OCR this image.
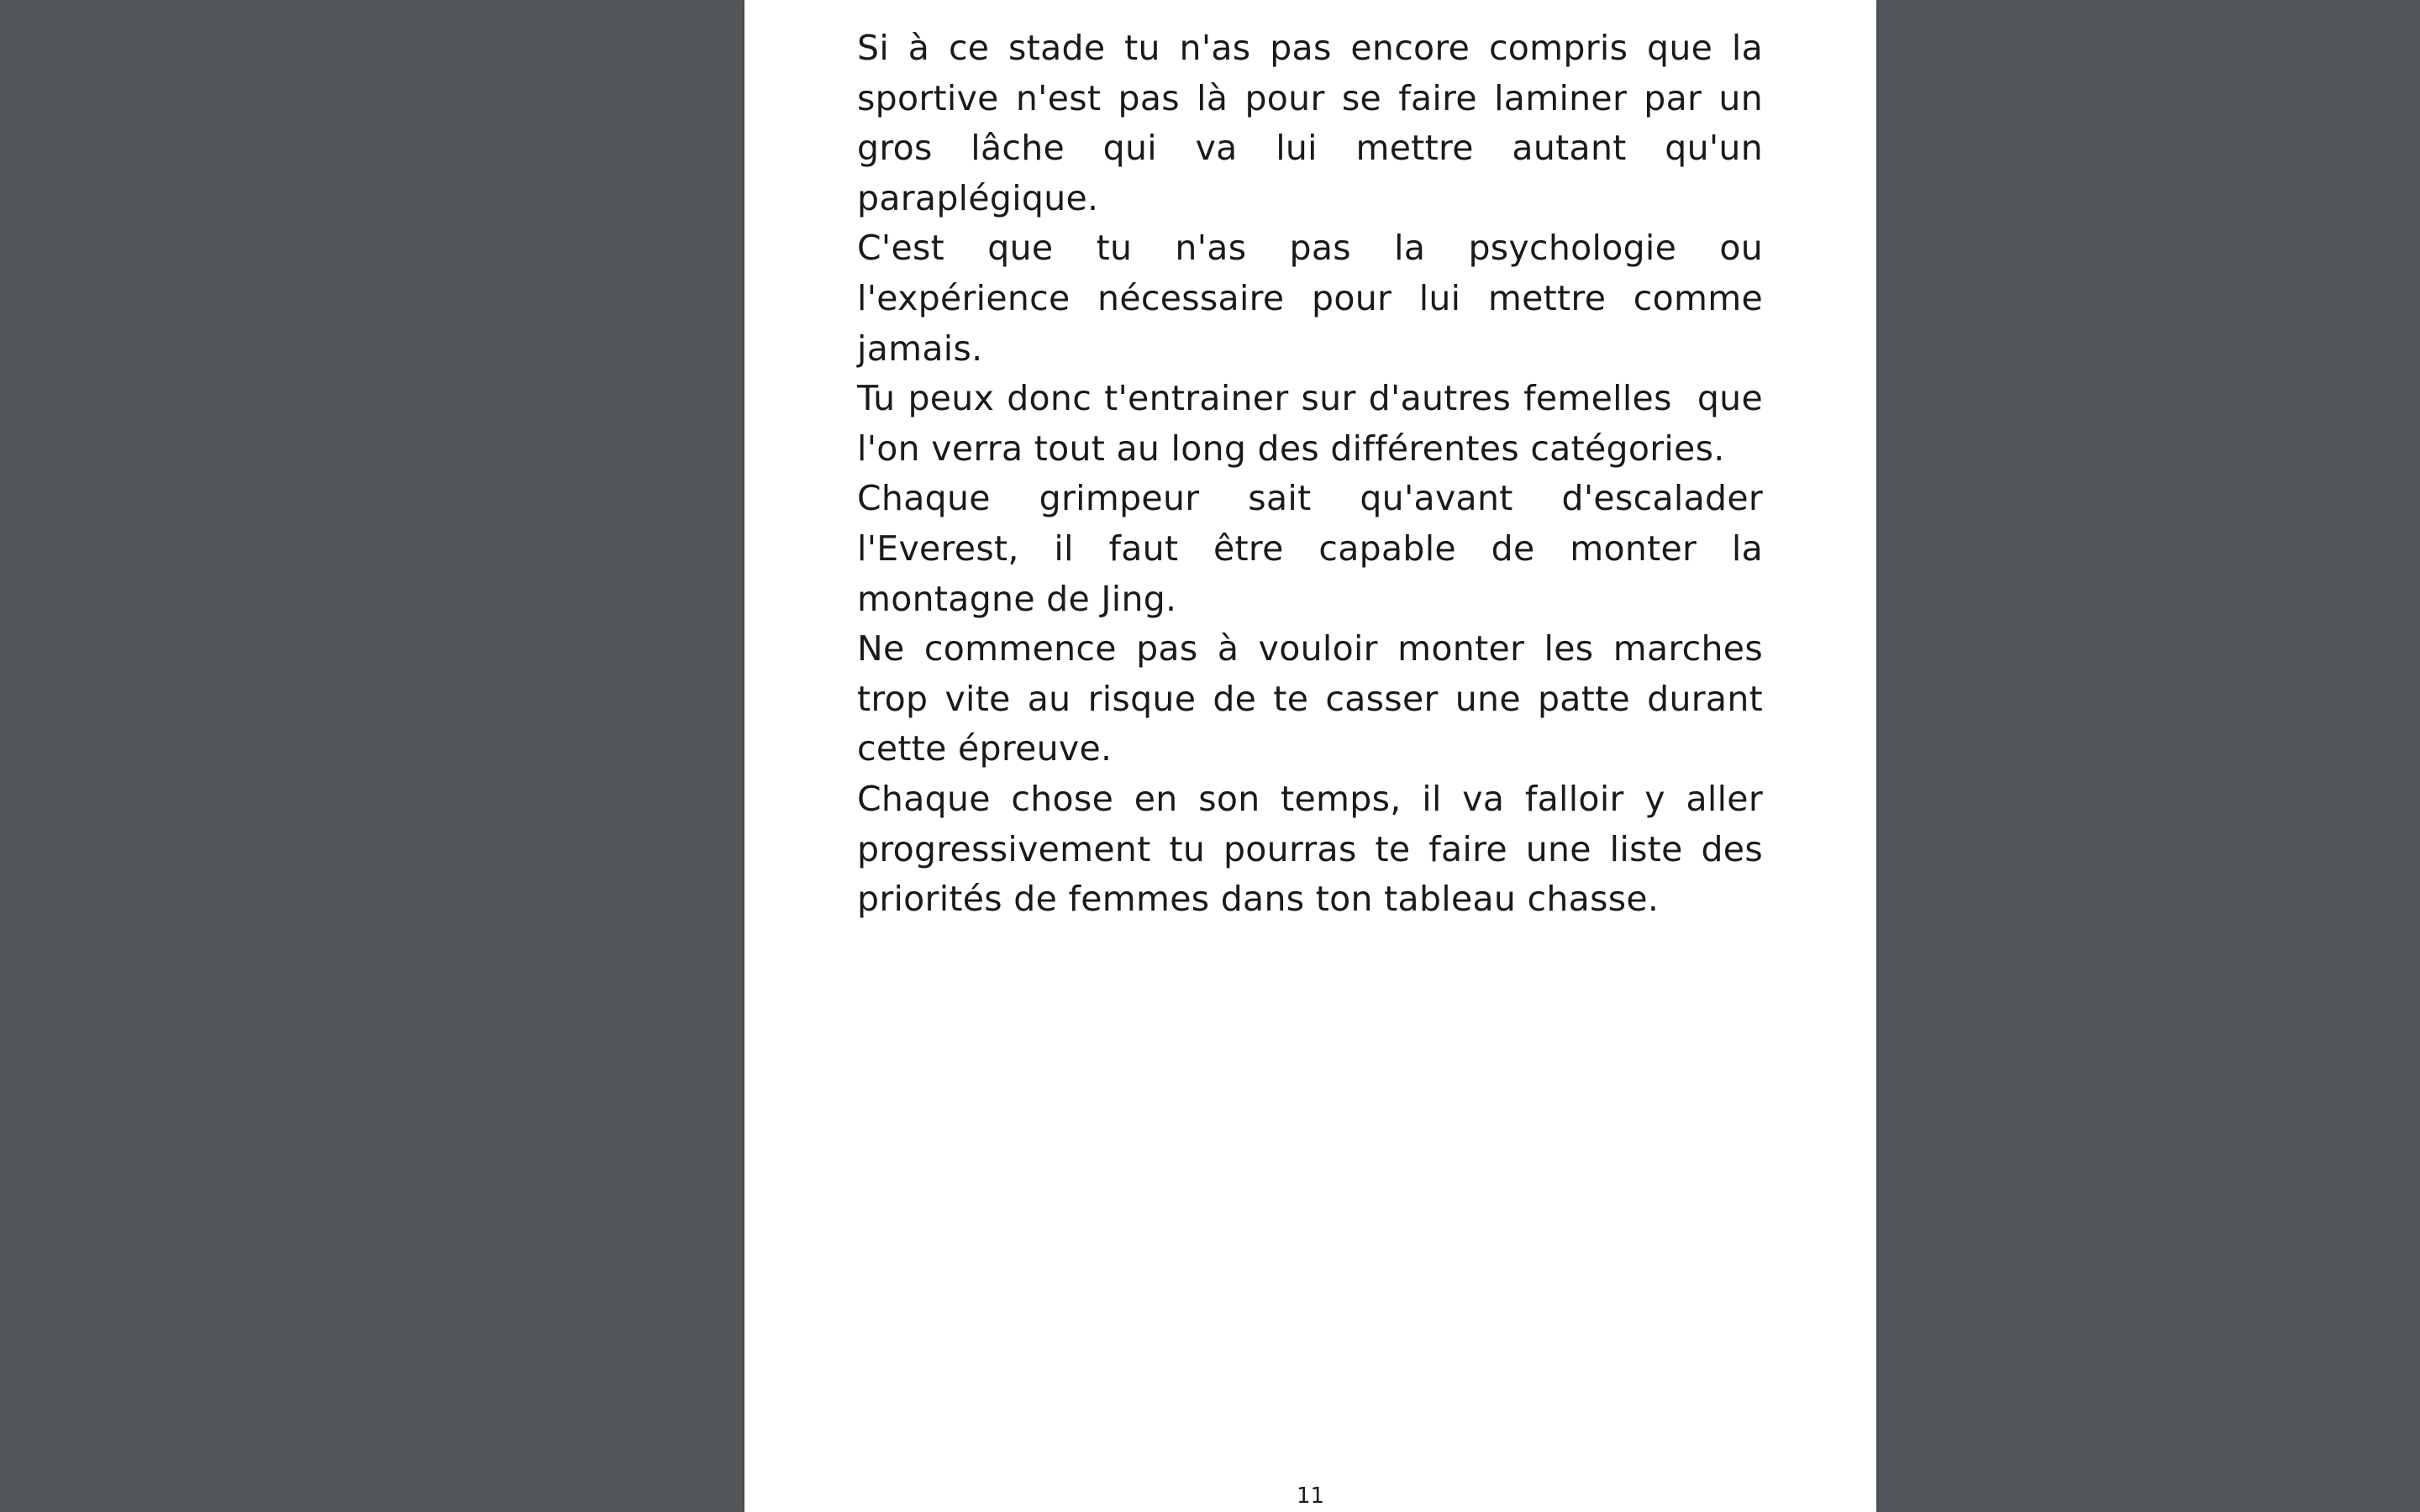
Si à ce stade tu n'as pas encore compris que la sportive n'est pas là pour se faire laminer par un gros lâche qui va lui mettre autant qu'un paraplégique.

C'est que tu n'as pas la psychologie ou l'expérience nécessaire pour lui mettre comme jamais.

Tu peux donc t'entrainer sur d'autres femelles  que l'on verra tout au long des différentes catégories.

Chaque grimpeur sait qu'avant d'escalader l'Everest, il faut être capable de monter la montagne de Jing.

Ne commence pas à vouloir monter les marches trop vite au risque de te casser une patte durant cette épreuve.

Chaque chose en son temps, il va falloir y aller progressivement tu pourras te faire une liste des priorités de femmes dans ton tableau chasse.

11
